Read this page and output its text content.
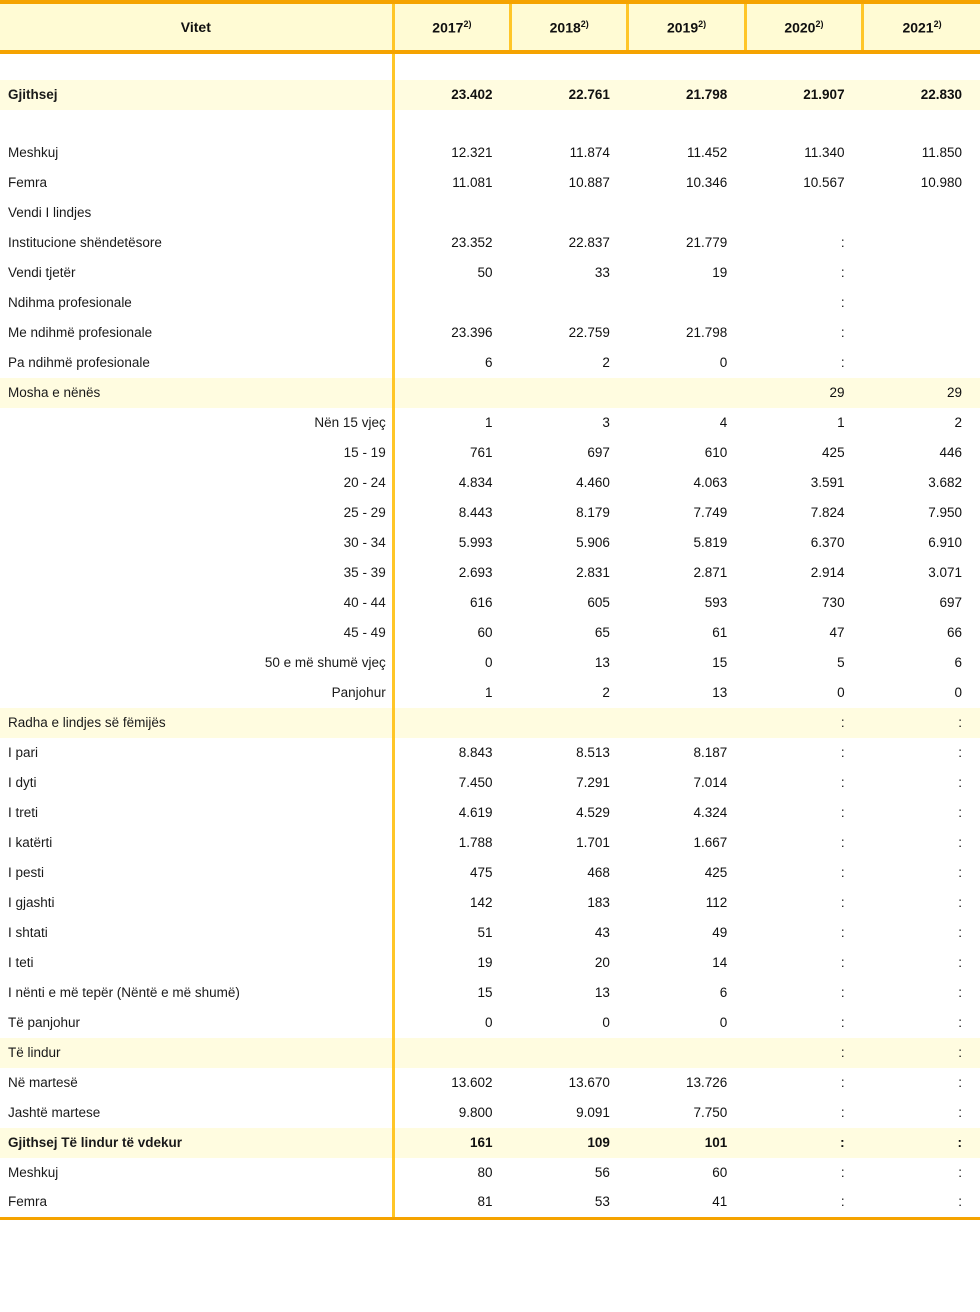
Vitet	2017$^{2)}$	2018$^{2)}$	2019$^{2)}$	2020$^{2)}$	2021$^{2)}$

Gjithsej	23.402	22.761	21.798	21.907	22.830

Meshkuj	12.321	11.874	11.452	11.340	11.850
Femra	11.081	10.887	10.346	10.567	10.980
Vendi I lindjes					
Institucione shëndetësore	23.352	22.837	21.779	:	
Vendi tjetër	50	33	19	:	
Ndihma profesionale				:	
Me ndihmë profesionale	23.396	22.759	21.798	:	
Pa ndihmë profesionale	6	2	0	:	
Mosha e nënës				29	29
Nën 15 vjeç	1	3	4	1	2
15 - 19	761	697	610	425	446
20 - 24	4.834	4.460	4.063	3.591	3.682
25 - 29	8.443	8.179	7.749	7.824	7.950
30 - 34	5.993	5.906	5.819	6.370	6.910
35 - 39	2.693	2.831	2.871	2.914	3.071
40 - 44	616	605	593	730	697
45 - 49	60	65	61	47	66
50 e më shumë vjeç	0	13	15	5	6
Panjohur	1	2	13	0	0
Radha e lindjes së fëmijës				:	:
I pari	8.843	8.513	8.187	:	:
I dyti	7.450	7.291	7.014	:	:
I treti	4.619	4.529	4.324	:	:
I katërti	1.788	1.701	1.667	:	:
I pesti	475	468	425	:	:
I gjashti	142	183	112	:	:
I shtati	51	43	49	:	:
I teti	19	20	14	:	:
I nënti e më tepër (Nëntë e më shumë)	15	13	6	:	:
Të panjohur	0	0	0	:	:
Të lindur				:	:
Në martesë	13.602	13.670	13.726	:	:
Jashtë martese	9.800	9.091	7.750	:	:
Gjithsej Të lindur të vdekur	161	109	101	:	:
Meshkuj	80	56	60	:	:
Femra	81	53	41	:	:
